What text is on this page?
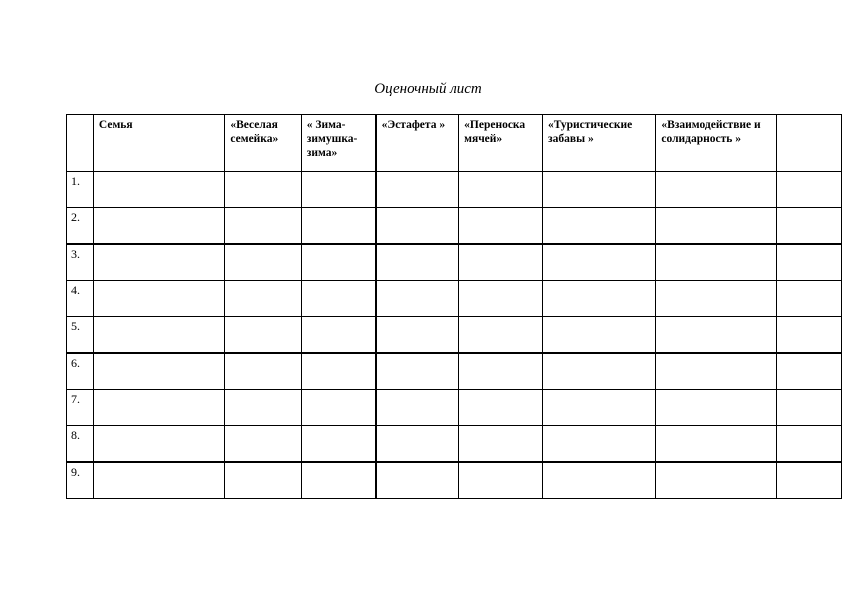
Оценочный лист
	Семья	«Веселая семейка»	« Зима-зимушка-зима»	«Эстафета »	«Переноска мячей»	«Туристические забавы »	«Взаимодействие и солидарность »	
1.								
2.								
3.								
4.								
5.								
6.								
7.								
8.								
9.								
